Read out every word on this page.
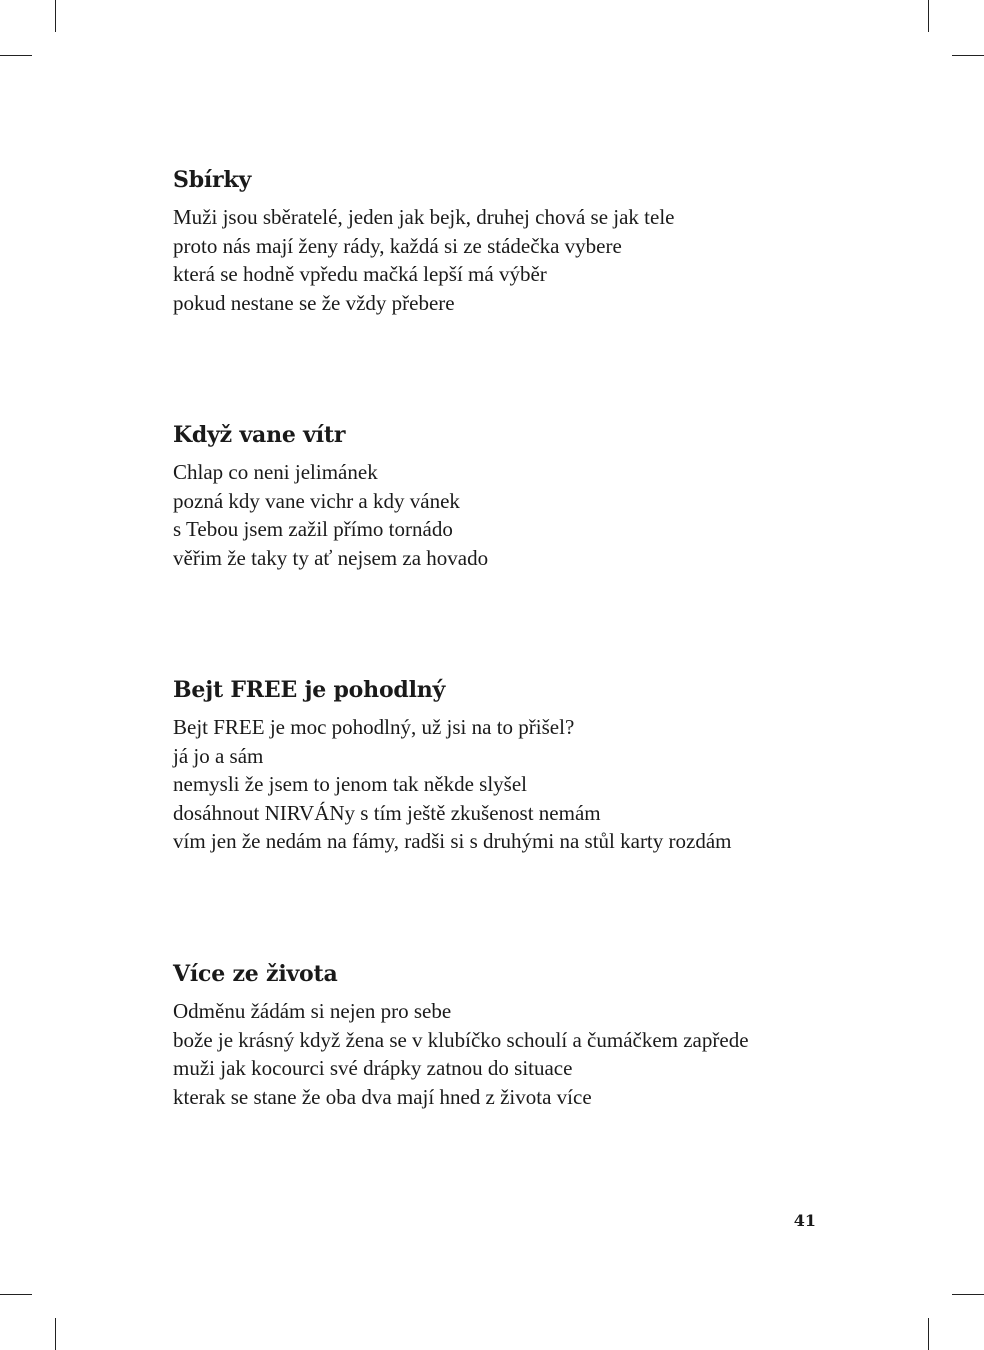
Sbírky
Muži jsou sběratelé, jeden jak bejk, druhej chová se jak tele
proto nás mají ženy rády, každá si ze stádečka vybere
která se hodně vpředu mačká lepší má výběr
pokud nestane se že vždy přebere
Když vane vítr
Chlap co neni jelimánek
pozná kdy vane vichr a kdy vánek
s Tebou jsem zažil přímo tornádo
věřim že taky ty ať nejsem za hovado
Bejt FREE je pohodlný
Bejt FREE je moc pohodlný, už jsi na to přišel?
já jo a sám
nemysli že jsem to jenom tak někde slyšel
dosáhnout NIRVÁNy s tím ještě zkušenost nemám
vím jen že nedám na fámy, radši si s druhými na stůl karty rozdám
Více ze života
Odměnu žádám si nejen pro sebe
bože je krásný když žena se v klubíčko schoulí a čumáčkem zapřede
muži jak kocourci své drápky zatnou do situace
kterak se stane že oba dva mají hned z života více
41
